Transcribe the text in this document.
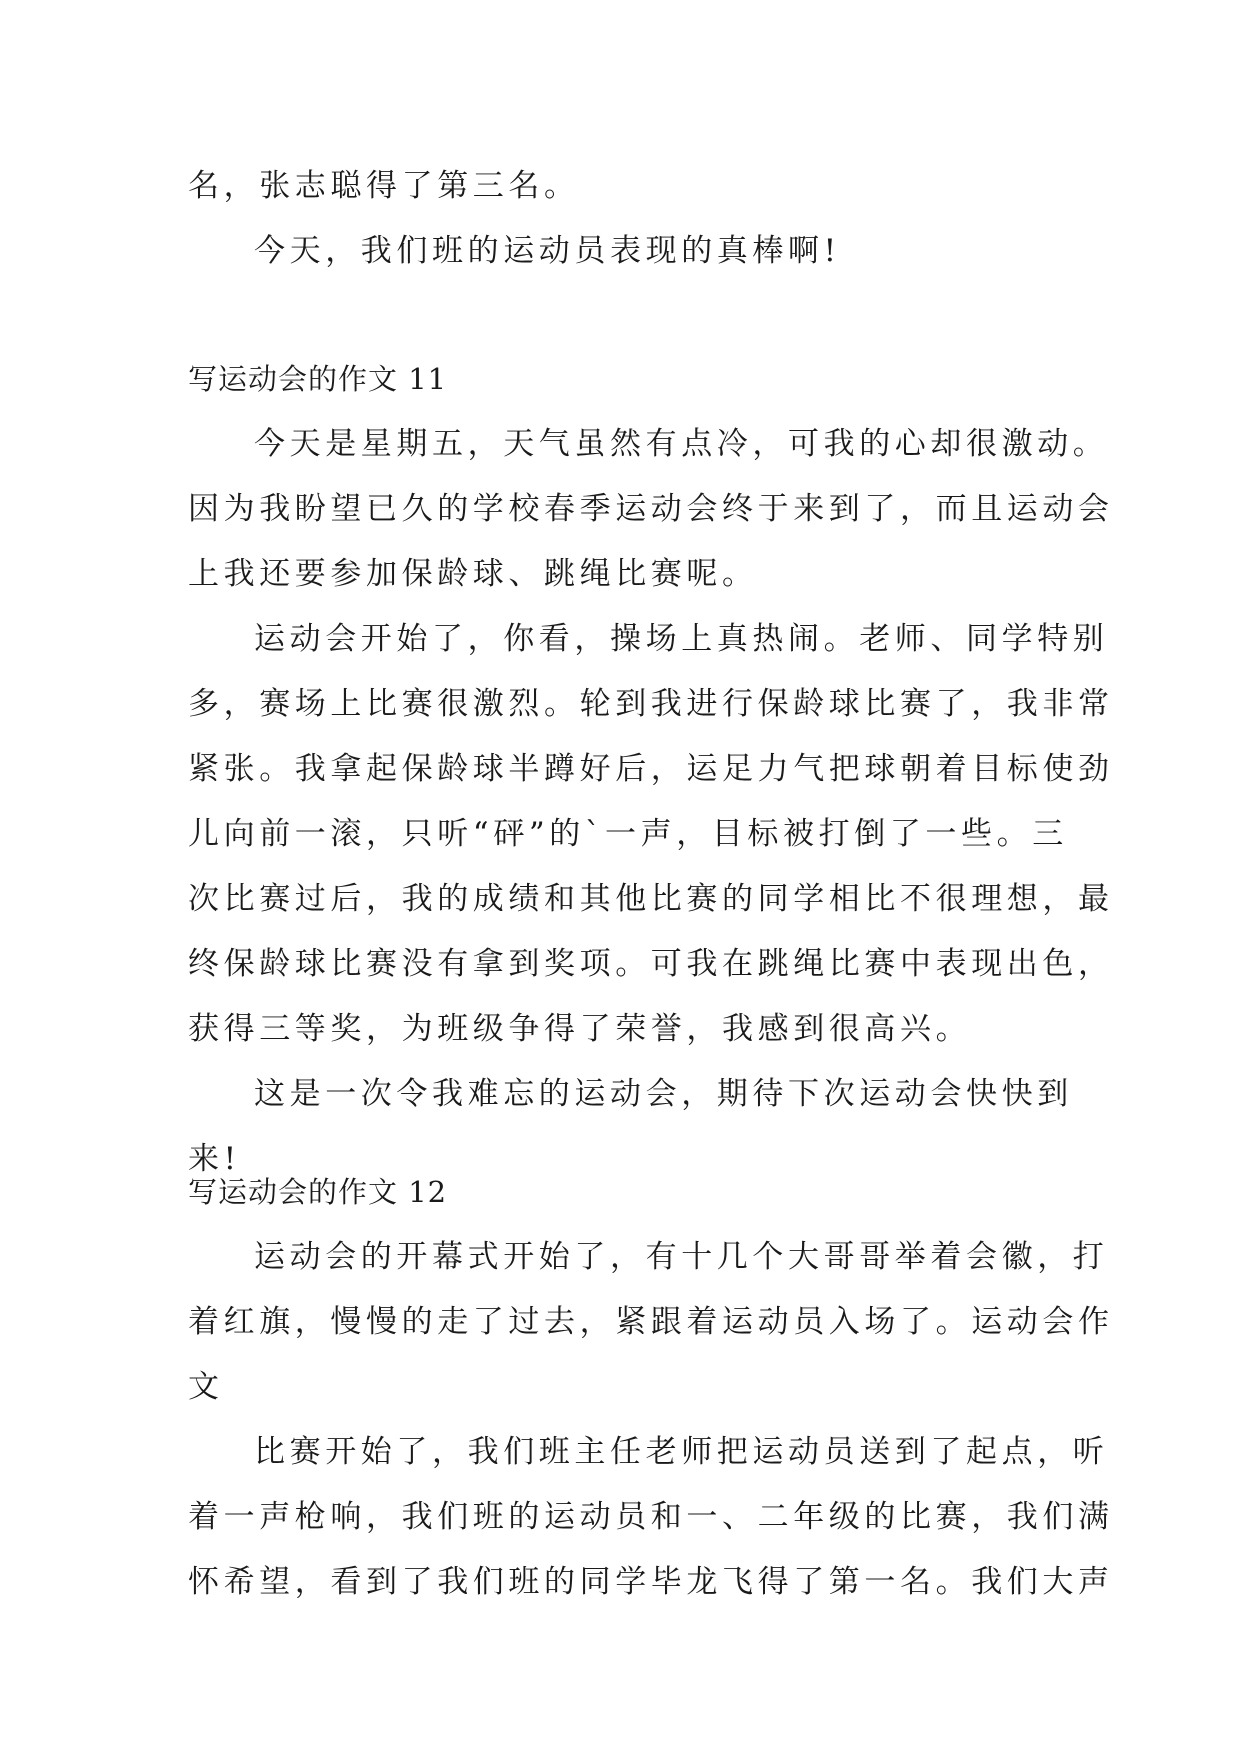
名，张志聪得了第三名。
今天，我们班的运动员表现的真棒啊!
写运动会的作文 11
今天是星期五，天气虽然有点冷，可我的心却很激动。
因为我盼望已久的学校春季运动会终于来到了，而且运动会
上我还要参加保龄球、跳绳比赛呢。
运动会开始了，你看，操场上真热闹。老师、同学特别
多，赛场上比赛很激烈。轮到我进行保龄球比赛了，我非常
紧张。我拿起保龄球半蹲好后，运足力气把球朝着目标使劲
儿向前一滚，只听“砰”的`一声，目标被打倒了一些。三
次比赛过后，我的成绩和其他比赛的同学相比不很理想，最
终保龄球比赛没有拿到奖项。可我在跳绳比赛中表现出色，
获得三等奖，为班级争得了荣誉，我感到很高兴。
这是一次令我难忘的运动会，期待下次运动会快快到
来!
写运动会的作文 12
运动会的开幕式开始了，有十几个大哥哥举着会徽，打
着红旗，慢慢的走了过去，紧跟着运动员入场了。运动会作
文
比赛开始了，我们班主任老师把运动员送到了起点，听
着一声枪响，我们班的运动员和一、二年级的比赛，我们满
怀希望，看到了我们班的同学毕龙飞得了第一名。我们大声
